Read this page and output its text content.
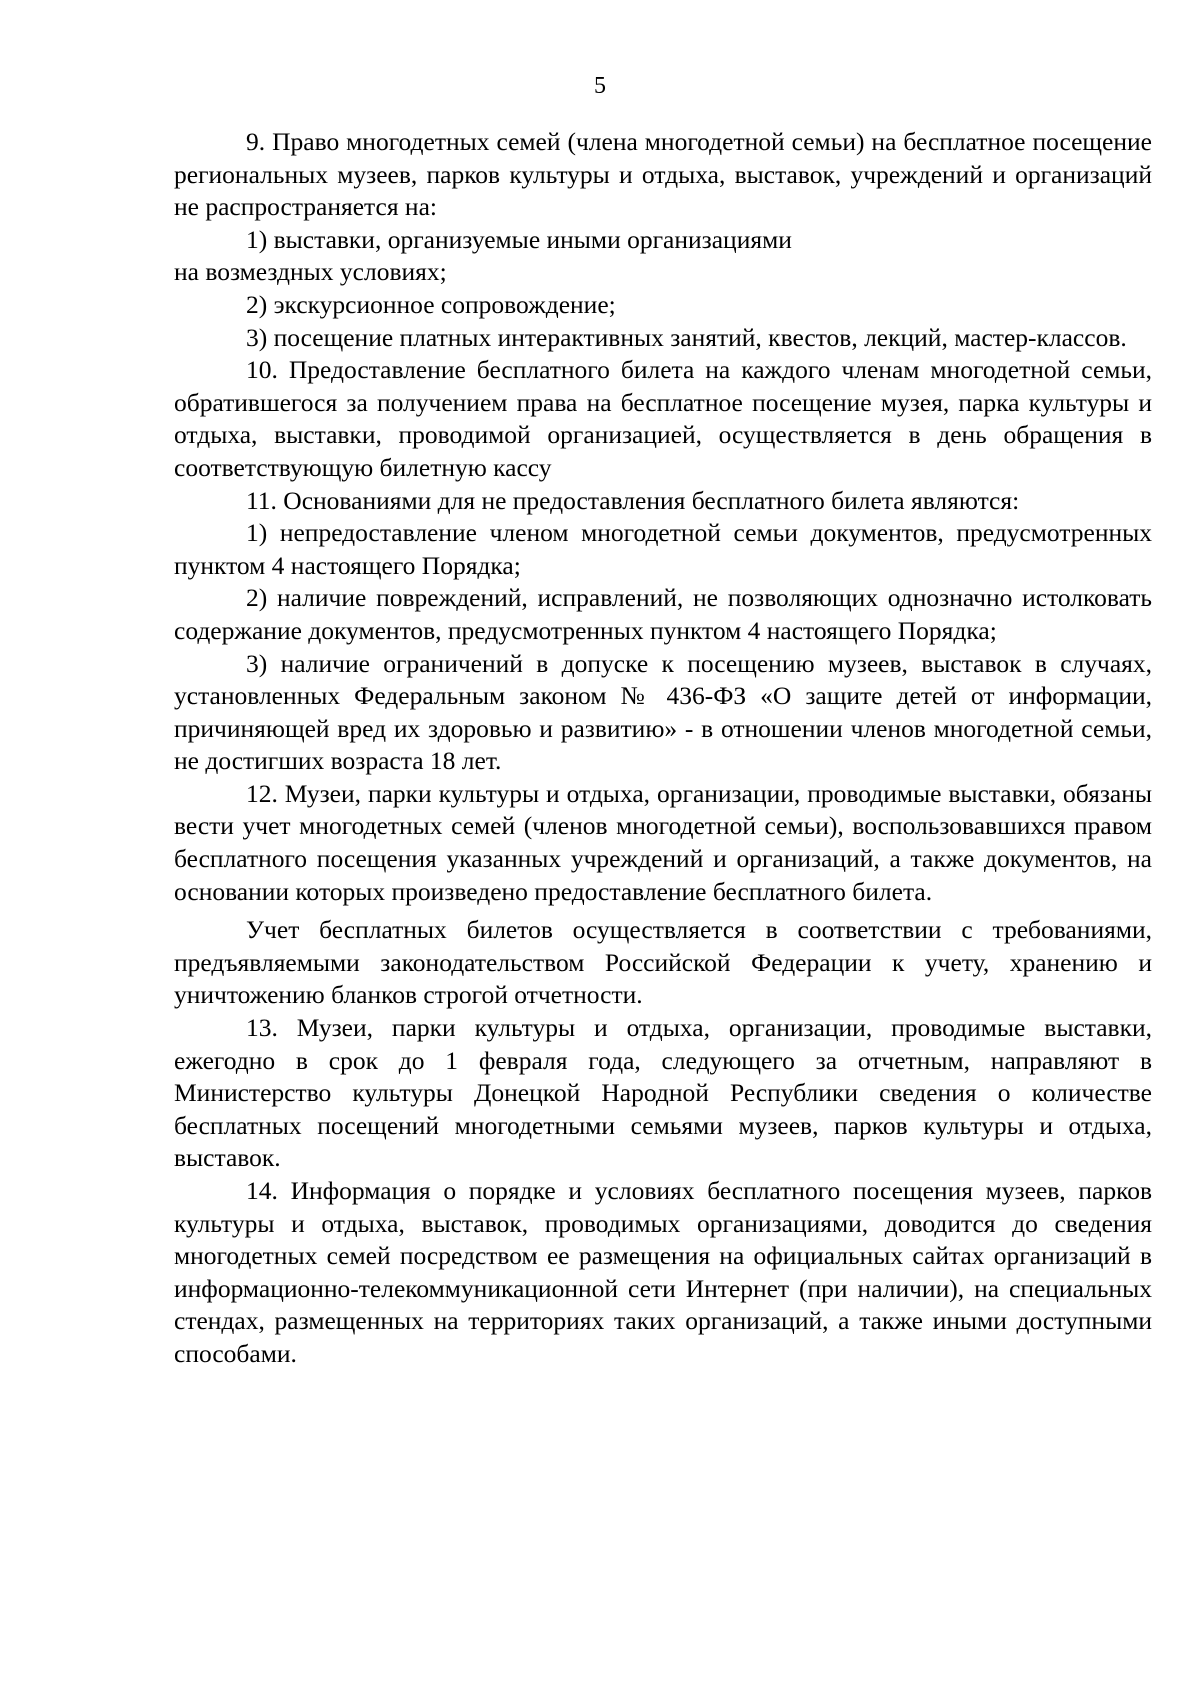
5

9. Право многодетных семей (члена многодетной семьи) на бесплатное посещение региональных музеев, парков культуры и отдыха, выставок, учреждений и организаций не распространяется на:

1) выставки, организуемые иными организациями
на возмездных условиях;

2) экскурсионное сопровождение;

3) посещение платных интерактивных занятий, квестов, лекций, мастер-классов.

10. Предоставление бесплатного билета на каждого членам многодетной семьи, обратившегося за получением права на бесплатное посещение музея, парка культуры и отдыха, выставки, проводимой организацией, осуществляется в день обращения в соответствующую билетную кассу

11. Основаниями для не предоставления бесплатного билета являются:

1) непредоставление членом многодетной семьи документов, предусмотренных пунктом 4 настоящего Порядка;

2) наличие повреждений, исправлений, не позволяющих однозначно истолковать содержание документов, предусмотренных пунктом 4 настоящего Порядка;

3) наличие ограничений в допуске к посещению музеев, выставок в случаях, установленных Федеральным законом № 436-ФЗ «О защите детей от информации, причиняющей вред их здоровью и развитию» - в отношении членов многодетной семьи, не достигших возраста 18 лет.

12. Музеи, парки культуры и отдыха, организации, проводимые выставки, обязаны вести учет многодетных семей (членов многодетной семьи), воспользовавшихся правом бесплатного посещения указанных учреждений и организаций, а также документов, на основании которых произведено предоставление бесплатного билета.

Учет бесплатных билетов осуществляется в соответствии с требованиями, предъявляемыми законодательством Российской Федерации к учету, хранению и уничтожению бланков строгой отчетности.

13. Музеи, парки культуры и отдыха, организации, проводимые выставки, ежегодно в срок до 1 февраля года, следующего за отчетным, направляют в Министерство культуры Донецкой Народной Республики сведения о количестве бесплатных посещений многодетными семьями музеев, парков культуры и отдыха, выставок.

14. Информация о порядке и условиях бесплатного посещения музеев, парков культуры и отдыха, выставок, проводимых организациями, доводится до сведения многодетных семей посредством ее размещения на официальных сайтах организаций в информационно-телекоммуникационной сети Интернет (при наличии), на специальных стендах, размещенных на территориях таких организаций, а также иными доступными способами.
